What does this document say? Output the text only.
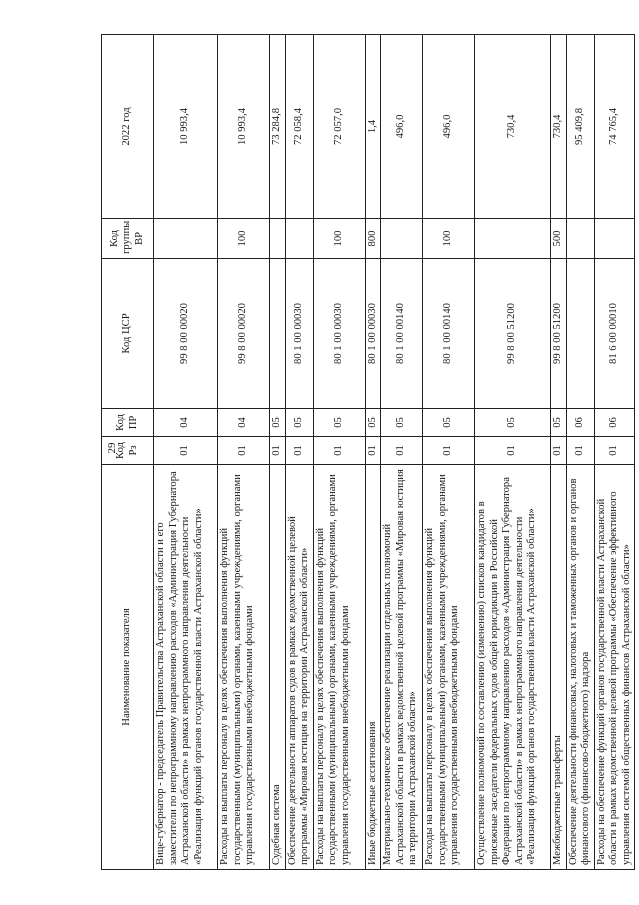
29
Наименование показателя	Код Рз	Код ПР	Код ЦСР	Код группы ВР	2022 год
Вице-губернатор - председатель Правительства Астраханской области и его заместители по непрограммному направлению расходов «Администрация Губернатора Астраханской области» в рамках непрограммного направления деятельности «Реализация функций органов государственной власти Астраханской области»	01	04	99 8 00 00020		10 993,4
Расходы на выплаты персоналу в целях обеспечения выполнения функций государственными (муниципальными) органами, казенными учреждениями, органами управления государственными внебюджетными фондами	01	04	99 8 00 00020	100	10 993,4
Судебная система	01	05			73 284,8
Обеспечение деятельности аппаратов судов в рамках ведомственной целевой программы «Мировая юстиция на территории Астраханской области»	01	05	80 1 00 00030		72 058,4
Расходы на выплаты персоналу в целях обеспечения выполнения функций государственными (муниципальными) органами, казенными учреждениями, органами управления государственными внебюджетными фондами	01	05	80 1 00 00030	100	72 057,0
Иные бюджетные ассигнования	01	05	80 1 00 00030	800	1,4
Материально-техническое обеспечение реализации отдельных полномочий Астраханской области в рамках ведомственной целевой программы «Мировая юстиция на территории Астраханской области»	01	05	80 1 00 00140		496,0
Расходы на выплаты персоналу в целях обеспечения выполнения функций государственными (муниципальными) органами, казенными учреждениями, органами управления государственными внебюджетными фондами	01	05	80 1 00 00140	100	496,0
Осуществление полномочий по составлению (изменению) списков кандидатов в присяжные заседатели федеральных судов общей юрисдикции в Российской Федерации по непрограммному направлению расходов «Администрация Губернатора Астраханской области» в рамках непрограммного направления деятельности «Реализация функций органов государственной власти Астраханской области»	01	05	99 8 00 51200		730,4
Межбюджетные трансферты	01	05	99 8 00 51200	500	730,4
Обеспечение деятельности финансовых, налоговых и таможенных органов и органов финансового (финансово-бюджетного) надзора	01	06			95 409,8
Расходы на обеспечение функций органов государственной власти Астраханской области в рамках ведомственной целевой программы «Обеспечение эффективного управления системой общественных финансов Астраханской области»	01	06	81 6 00 00010		74 765,4
